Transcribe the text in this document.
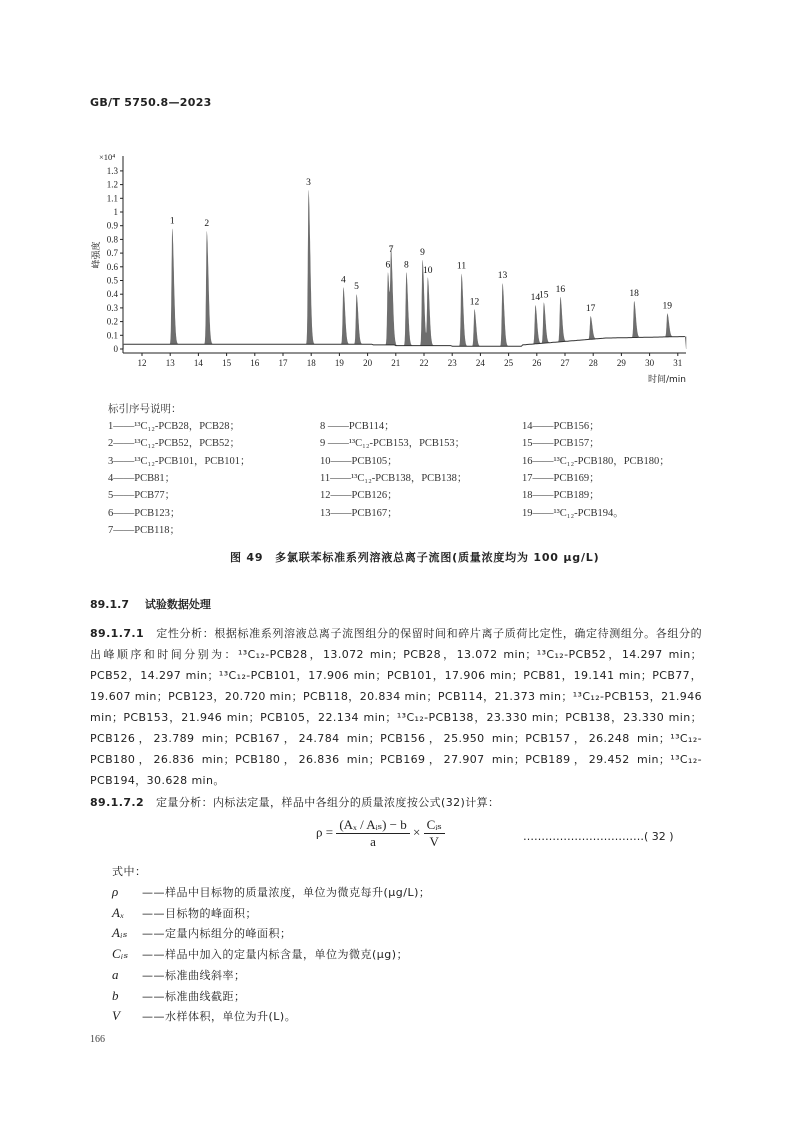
GB/T 5750.8—2023
0
0.1
0.2
0.3
0.4
0.5
0.6
0.7
0.8
0.9
1
1.1
1.2
1.3
12 13 14 15 16 17 18 19 20 21 22 23 24 25 26 27 28 29 30 31
×10⁴
峰强度
时间/min
1	2
3
4
5
6
7
8
9
10	11
12
13
14
15
16
17
18
19
标引序号说明：
1——¹³C₁₂-PCB28，PCB28；
2——¹³C₁₂-PCB52，PCB52；
3——¹³C₁₂-PCB101，PCB101；
4——PCB81；
5——PCB77；
6——PCB123；
7——PCB118；
8 ——PCB114；
9 ——¹³C₁₂-PCB153，PCB153；
10——PCB105；
11——¹³C₁₂-PCB138，PCB138；
12——PCB126；
13——PCB167；
14——PCB156；
15——PCB157；
16——¹³C₁₂-PCB180，PCB180；
17——PCB169；
18——PCB189；
19——¹³C₁₂-PCB194。
图 49　多氯联苯标准系列溶液总离子流图(质量浓度均为 100 μg/L)
89.1.7 试验数据处理
89.1.7.1 定性分析：根据标准系列溶液总离子流图组分的保留时间和碎片离子质荷比定性，确定待测组分。各组分的出峰顺序和时间分别为：¹³C₁₂-PCB28，13.072 min；PCB28，13.072 min；¹³C₁₂-PCB52，14.297 min；PCB52，14.297 min；¹³C₁₂-PCB101，17.906 min；PCB101，17.906 min；PCB81，19.141 min；PCB77，19.607 min；PCB123，20.720 min；PCB118，20.834 min；PCB114，21.373 min；¹³C₁₂-PCB153，21.946 min；PCB153，21.946 min；PCB105，22.134 min；¹³C₁₂-PCB138，23.330 min；PCB138，23.330 min；PCB126，23.789 min；PCB167，24.784 min；PCB156，25.950 min；PCB157，26.248 min；¹³C₁₂-PCB180，26.836 min；PCB180，26.836 min；PCB169，27.907 min；PCB189，29.452 min；¹³C₁₂-PCB194，30.628 min。
89.1.7.2 定量分析：内标法定量，样品中各组分的质量浓度按公式(32)计算：
$\rho = \frac{\text{(Aₓ / Aᵢₛ) − b}}{a} \times \frac{\text{Cᵢₛ}}{V}$	……………………………( 32 )
式中：
ρ ——样品中目标物的质量浓度，单位为微克每升(μg/L)；
Aₓ ——目标物的峰面积；
Aᵢₛ ——定量内标组分的峰面积；
Cᵢₛ ——样品中加入的定量内标含量，单位为微克(μg)；
a ——标准曲线斜率；
b ——标准曲线截距；
V ——水样体积，单位为升(L)。
166
